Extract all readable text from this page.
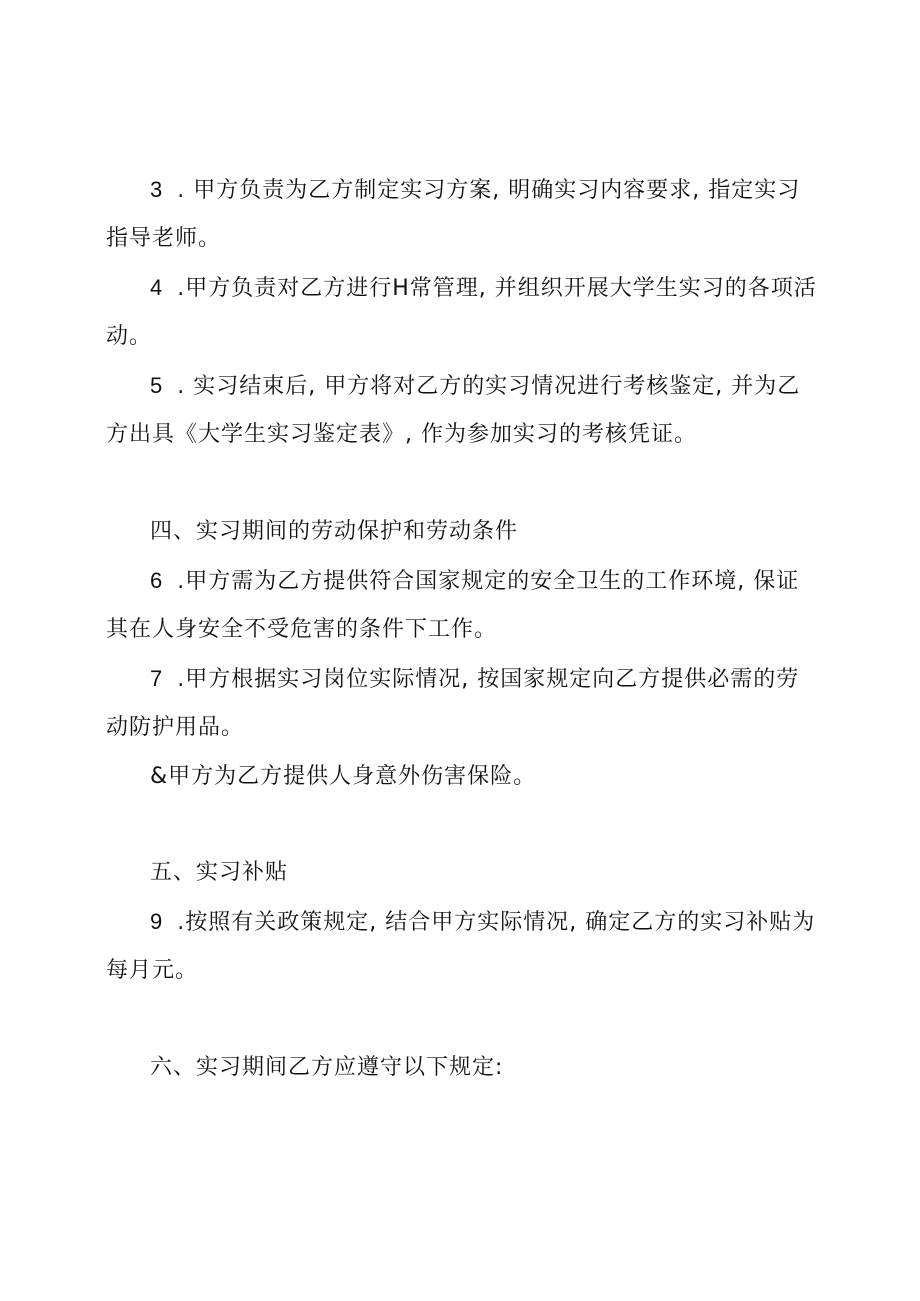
3 . 甲方负责为乙方制定实习方案, 明确实习内容要求, 指定实习
指导老师。
4 .甲方负责对乙方进行H常管理, 并组织开展大学生实习的各项活
动。
5 . 实习结束后, 甲方将对乙方的实习情况进行考核鉴定, 并为乙
方出具《大学生实习鉴定表》, 作为参加实习的考核凭证。
四、实习期间的劳动保护和劳动条件
6 .甲方需为乙方提供符合国家规定的安全卫生的工作环境, 保证
其在人身安全不受危害的条件下工作。
7 .甲方根据实习岗位实际情况, 按国家规定向乙方提供必需的劳
动防护用品。
&甲方为乙方提供人身意外伤害保险。
五、实习补贴
9 .按照有关政策规定, 结合甲方实际情况, 确定乙方的实习补贴为
每月元。
六、实习期间乙方应遵守以下规定:
